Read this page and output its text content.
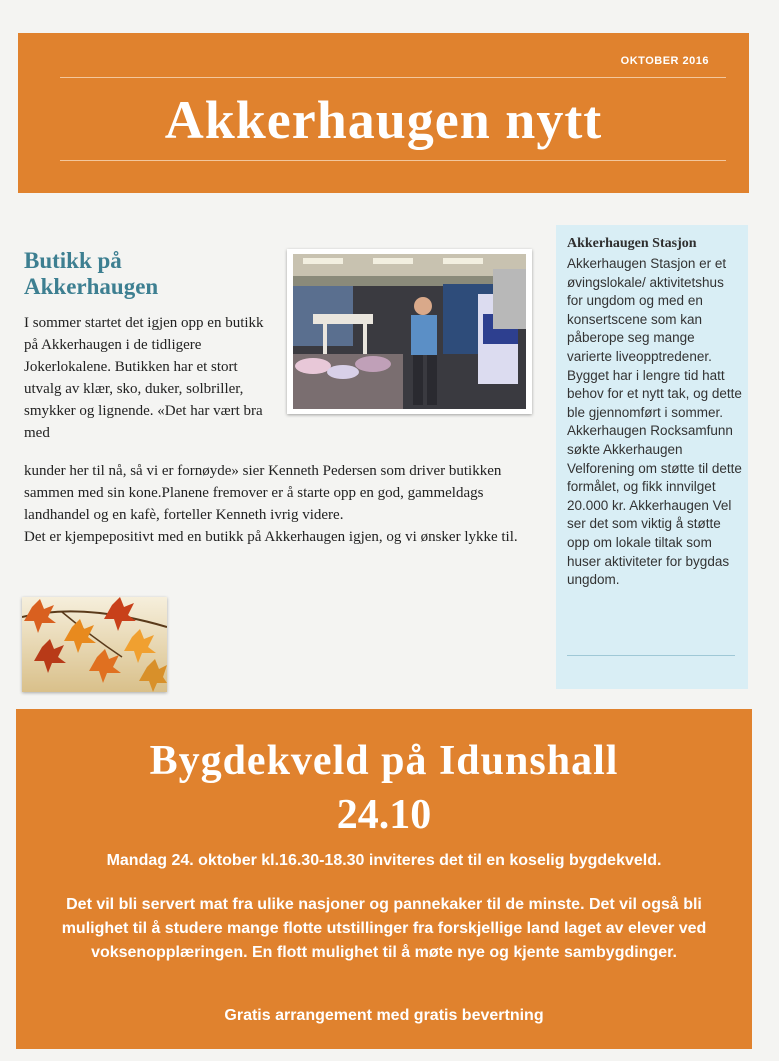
OKTOBER 2016
Akkerhaugen nytt
Butikk på Akkerhaugen
I sommer startet det igjen opp en butikk på Akkerhaugen i de tidligere Jokerlokalene. Butikken har et stort utvalg av klær, sko, duker, solbriller, smykker og lignende. «Det har vært bra med
kunder her til nå, så vi er fornøyde» sier Kenneth Pedersen som driver butikken sammen med sin kone.Planene fremover er å starte opp en god, gammeldags landhandel og en kafè, forteller Kenneth ivrig videre.
Det er kjempepositivt med en butikk på Akkerhaugen igjen, og vi ønsker lykke til.
Akkerhaugen Stasjon
Akkerhaugen Stasjon er et øvingslokale/ aktivitetshus for ungdom og med en konsertscene som kan påberope seg mange varierte liveopptredener. Bygget har i lengre tid hatt behov for et nytt tak, og dette ble gjennomført i sommer. Akkerhaugen Rocksamfunn søkte Akkerhaugen Velforening om støtte til dette formålet, og fikk innvilget 20.000 kr. Akkerhaugen Vel ser det som viktig å støtte opp om lokale tiltak som huser aktiviteter for bygdas ungdom.
Bygdekveld på Idunshall
24.10
Mandag 24. oktober kl.16.30-18.30 inviteres det til en koselig bygdekveld.
Det vil bli servert mat fra ulike nasjoner og pannekaker til de minste. Det vil også bli mulighet til å studere mange flotte utstillinger fra forskjellige land laget av elever ved voksenopplæringen. En flott mulighet til å møte nye og kjente sambygdinger.
Gratis arrangement med gratis bevertning
